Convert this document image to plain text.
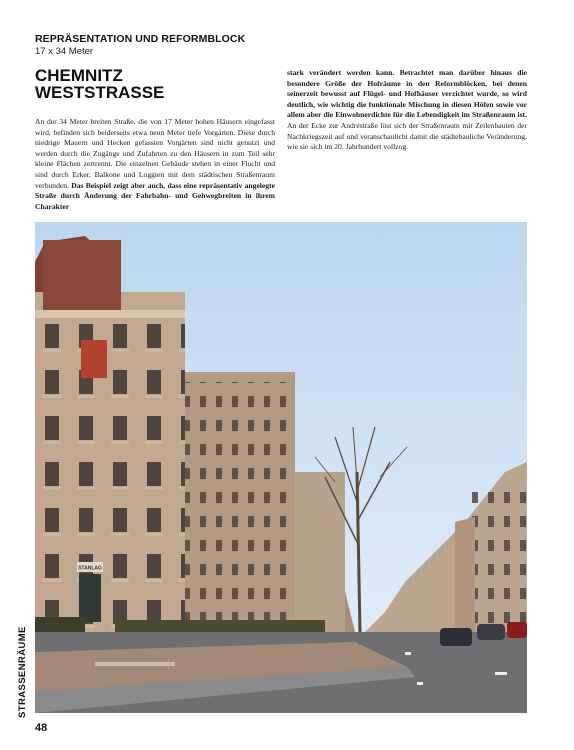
REPRÄSENTATION UND REFORMBLOCK
17 x 34 Meter
CHEMNITZ
WESTSTRASSE

An der 34 Meter breiten Straße, die von 17 Meter hohen Häusern eingefasst wird, befinden sich beiderseits etwa neun Meter tiefe Vorgärten. Diese durch niedrige Mauern und Hecken gefassten Vorgärten sind nicht genutzt und werden durch die Zugänge und Zufahrten zu den Häusern in zum Teil sehr kleine Flächen zertrennt. Die einzelnen Gebäude stehen in einer Flucht und sind durch Erker, Balkone und Loggien mit dem städtischen Straßenraum verbunden. Das Beispiel zeigt aber auch, dass eine repräsentativ angelegte Straße durch Änderung der Fahrbahn- und Gehwegbreiten in ihrem Charakter

stark verändert werden kann. Betrachtet man darüber hinaus die besondere Größe der Hofräume in den Reformblöcken, bei denen seinerzeit bewusst auf Flügel- und Hofhäuser verzichtet wurde, so wird deutlich, wie wichtig die funktionale Mischung in diesen Höfen sowie vor allem aber die Einwohnerdichte für die Lebendigkeit im Straßenraum ist. An der Ecke zur Andréstraße löst sich der Straßenraum mit Zeilenbauten der Nachkriegszeit auf und veranschaulicht damit die städtebauliche Veränderung, wie sie sich im 20. Jahrhundert vollzog.

STANLAG
STRASSENRÄUME
48
